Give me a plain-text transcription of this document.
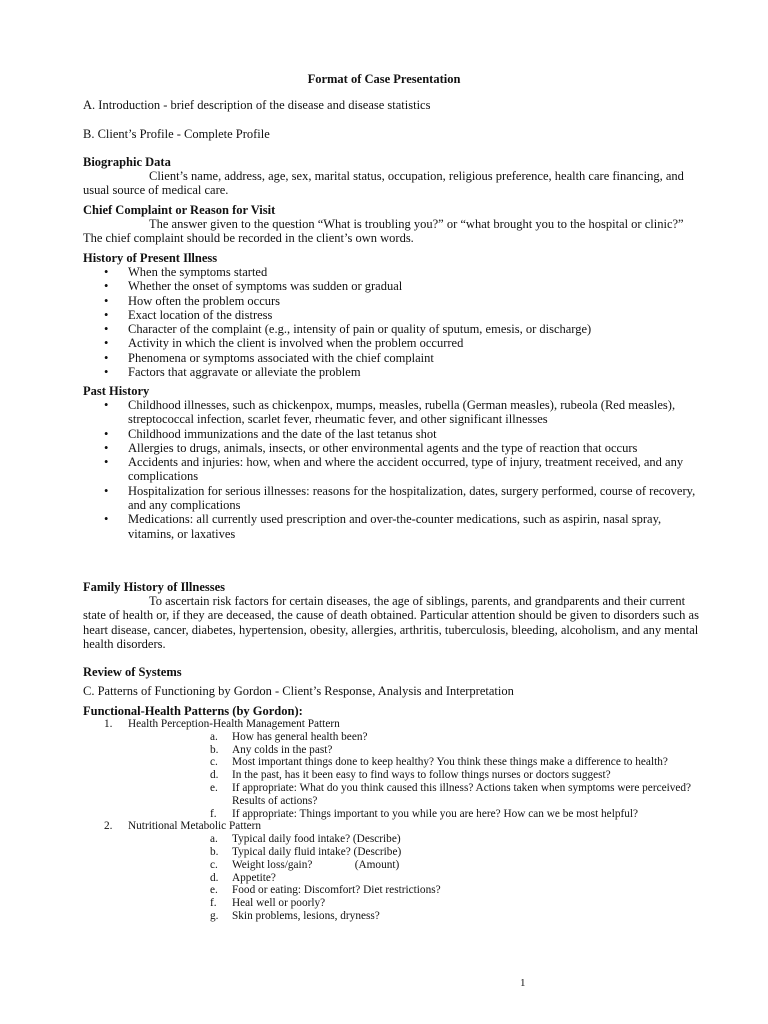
Format of Case Presentation
A. Introduction - brief description of the disease and disease statistics
B. Client’s Profile - Complete Profile
Biographic Data
Client’s name, address, age, sex, marital status, occupation, religious preference, health care financing, and usual source of medical care.
Chief Complaint or Reason for Visit
The answer given to the question “What is troubling you?” or “what brought you to the hospital or clinic?” The chief complaint should be recorded in the client’s own words.
History of Present Illness
• When the symptoms started
• Whether the onset of symptoms was sudden or gradual
• How often the problem occurs
• Exact location of the distress
• Character of the complaint (e.g., intensity of pain or quality of sputum, emesis, or discharge)
• Activity in which the client is involved when the problem occurred
• Phenomena or symptoms associated with the chief complaint
• Factors that aggravate or alleviate the problem
Past History
• Childhood illnesses, such as chickenpox, mumps, measles, rubella (German measles), rubeola (Red measles), streptococcal infection, scarlet fever, rheumatic fever, and other significant illnesses
• Childhood immunizations and the date of the last tetanus shot
• Allergies to drugs, animals, insects, or other environmental agents and the type of reaction that occurs
• Accidents and injuries: how, when and where the accident occurred, type of injury, treatment received, and any complications
• Hospitalization for serious illnesses: reasons for the hospitalization, dates, surgery performed, course of recovery, and any complications
• Medications: all currently used prescription and over-the-counter medications, such as aspirin, nasal spray, vitamins, or laxatives
Family History of Illnesses
To ascertain risk factors for certain diseases, the age of siblings, parents, and grandparents and their current state of health or, if they are deceased, the cause of death obtained. Particular attention should be given to disorders such as heart disease, cancer, diabetes, hypertension, obesity, allergies, arthritis, tuberculosis, bleeding, alcoholism, and any mental health disorders.
Review of Systems
C. Patterns of Functioning by Gordon - Client’s Response, Analysis and Interpretation
Functional-Health Patterns (by Gordon):
1. Health Perception-Health Management Pattern
a. How has general health been?
b. Any colds in the past?
c. Most important things done to keep healthy? You think these things make a difference to health?
d. In the past, has it been easy to find ways to follow things nurses or doctors suggest?
e. If appropriate: What do you think caused this illness? Actions taken when symptoms were perceived? Results of actions?
f. If appropriate: Things important to you while you are here? How can we be most helpful?
2. Nutritional Metabolic Pattern
a. Typical daily food intake? (Describe)
b. Typical daily fluid intake? (Describe)
c. Weight loss/gain?               (Amount)
d. Appetite?
e. Food or eating: Discomfort? Diet restrictions?
f. Heal well or poorly?
g. Skin problems, lesions, dryness?
1
